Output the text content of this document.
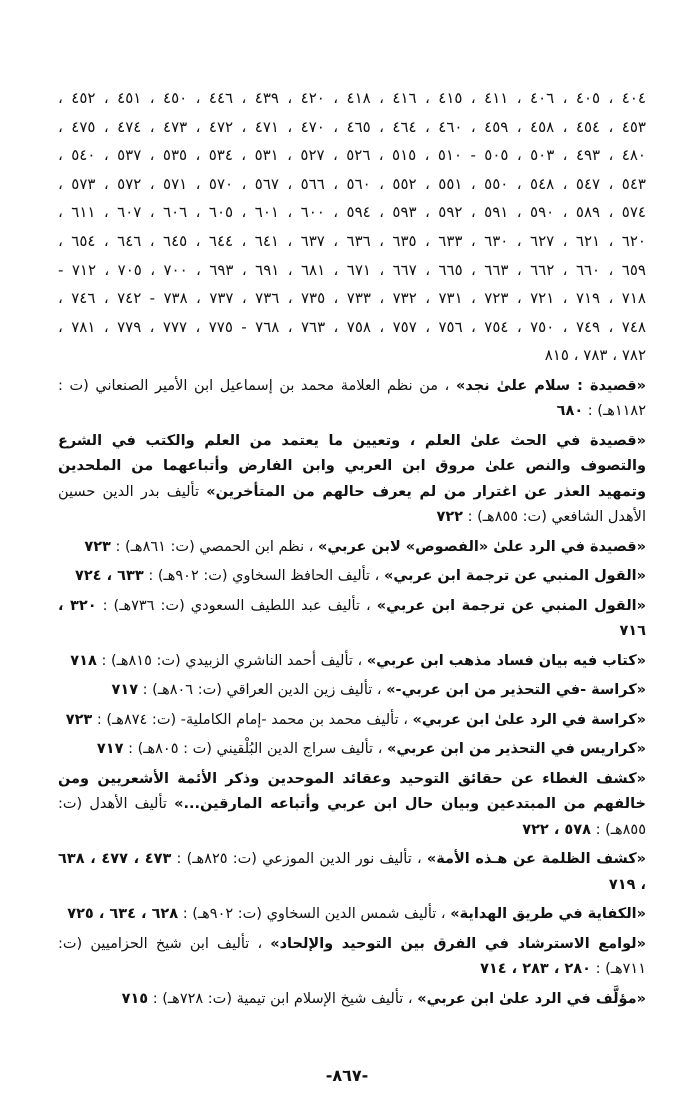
٤٠٤ ، ٤٠٥ ، ٤٠٦ ، ٤١١ ، ٤١٥ ، ٤١٦ ، ٤١٨ ، ٤٢٠ ، ٤٣٩ ، ٤٤٦ ، ٤٥٠ ، ٤٥١ ، ٤٥٢ ،
٤٥٣ ، ٤٥٤ ، ٤٥٨ ، ٤٥٩ ، ٤٦٠ ، ٤٦٤ ، ٤٦٥ ، ٤٧٠ ، ٤٧١ ، ٤٧٢ ، ٤٧٣ ، ٤٧٤ ، ٤٧٥ ،
٤٨٠ ، ٤٩٣ ، ٥٠٣ ، ٥٠٥ - ٥١٠ ، ٥١٥ ، ٥٢٦ ، ٥٢٧ ، ٥٣١ ، ٥٣٤ ، ٥٣٥ ، ٥٣٧ ، ٥٤٠ ،
٥٤٣ ، ٥٤٧ ، ٥٤٨ ، ٥٥٠ ، ٥٥١ ، ٥٥٢ ، ٥٦٠ ، ٥٦٦ ، ٥٦٧ ، ٥٧٠ ، ٥٧١ ، ٥٧٢ ، ٥٧٣ ،
٥٧٤ ، ٥٨٩ ، ٥٩٠ ، ٥٩١ ، ٥٩٢ ، ٥٩٣ ، ٥٩٤ ، ٦٠٠ ، ٦٠١ ، ٦٠٥ ، ٦٠٦ ، ٦٠٧ ، ٦١١ ،
٦٢٠ ، ٦٢١ ، ٦٢٧ ، ٦٣٠ ، ٦٣٣ ، ٦٣٥ ، ٦٣٦ ، ٦٣٧ ، ٦٤١ ، ٦٤٤ ، ٦٤٥ ، ٦٤٦ ، ٦٥٤ ،
٦٥٩ ، ٦٦٠ ، ٦٦٢ ، ٦٦٣ ، ٦٦٥ ، ٦٦٧ ، ٦٧١ ، ٦٨١ ، ٦٩١ ، ٦٩٣ ، ٧٠٠ ، ٧٠٥ ، ٧١٢ -
٧١٨ ، ٧١٩ ، ٧٢١ ، ٧٢٣ ، ٧٣١ ، ٧٣٢ ، ٧٣٣ ، ٧٣٥ ، ٧٣٦ ، ٧٣٧ ، ٧٣٨ - ٧٤٢ ، ٧٤٦ ،
٧٤٨ ، ٧٤٩ ، ٧٥٠ ، ٧٥٤ ، ٧٥٦ ، ٧٥٧ ، ٧٥٨ ، ٧٦٣ ، ٧٦٨ - ٧٧٥ ، ٧٧٧ ، ٧٧٩ ، ٧٨١ ،
٧٨٢ ، ٧٨٣ ، ٨١٥
«قصيدة : سلام علىٰ نجد» ، من نظم العلامة محمد بن إسماعيل ابن الأمير الصنعاني (ت : ١١٨٢هـ) : ٦٨٠
«قصيدة في الحث علىٰ العلم ، وتعيين ما يعتمد من العلم والكتب في الشرع والتصوف والنص علىٰ مروق ابن العربي وابن الفارض وأتباعهما من الملحدين وتمهيد العذر عن اغترار من لم يعرف حالهم من المتأخرين» تأليف بدر الدين حسين الأهدل الشافعي (ت: ٨٥٥هـ) : ٧٢٢
«قصيدة في الرد علىٰ «الفصوص» لابن عربي» ، نظم ابن الحمصي (ت: ٨٦١هـ) : ٧٢٣
«القول المنبي عن ترجمة ابن عربي» ، تأليف الحافظ السخاوي (ت: ٩٠٢هـ) : ٦٣٣ ، ٧٢٤
«القول المنبي عن ترجمة ابن عربي» ، تأليف عبد اللطيف السعودي (ت: ٧٣٦هـ) : ٣٢٠ ، ٧١٦
«كتاب فيه بيان فساد مذهب ابن عربي» ، تأليف أحمد الناشري الزبيدي (ت: ٨١٥هـ) : ٧١٨
«كراسة -في التحذير من ابن عربي-» ، تأليف زين الدين العراقي (ت: ٨٠٦هـ) : ٧١٧
«كراسة في الرد علىٰ ابن عربي» ، تأليف محمد بن محمد -إمام الكاملية- (ت: ٨٧٤هـ) : ٧٢٣
«كراريس في التحذير من ابن عربي» ، تأليف سراج الدين البُلْقيني (ت : ٨٠٥هـ) : ٧١٧
«كشف الغطاء عن حقائق التوحيد وعقائد الموحدين وذكر الأئمة الأشعريين ومن خالفهم من المبتدعين وبيان حال ابن عربي وأتباعه المارقين...» تأليف الأهدل (ت: ٨٥٥هـ) : ٥٧٨ ، ٧٢٢
«كشف الظلمة عن هـذه الأمة» ، تأليف نور الدين الموزعي (ت: ٨٢٥هـ) : ٤٧٣ ، ٤٧٧ ، ٦٣٨ ، ٧١٩
«الكفاية في طريق الهداية» ، تأليف شمس الدين السخاوي (ت: ٩٠٢هـ) : ٦٢٨ ، ٦٣٤ ، ٧٢٥
«لوامع الاسترشاد في الفرق بين التوحيد والإلحاد» ، تأليف ابن شيخ الحزاميين (ت: ٧١١هـ) : ٢٨٠ ، ٢٨٣ ، ٧١٤
«مؤلَّف في الرد علىٰ ابن عربي» ، تأليف شيخ الإسلام ابن تيمية (ت: ٧٢٨هـ) : ٧١٥
-٨٦٧-
